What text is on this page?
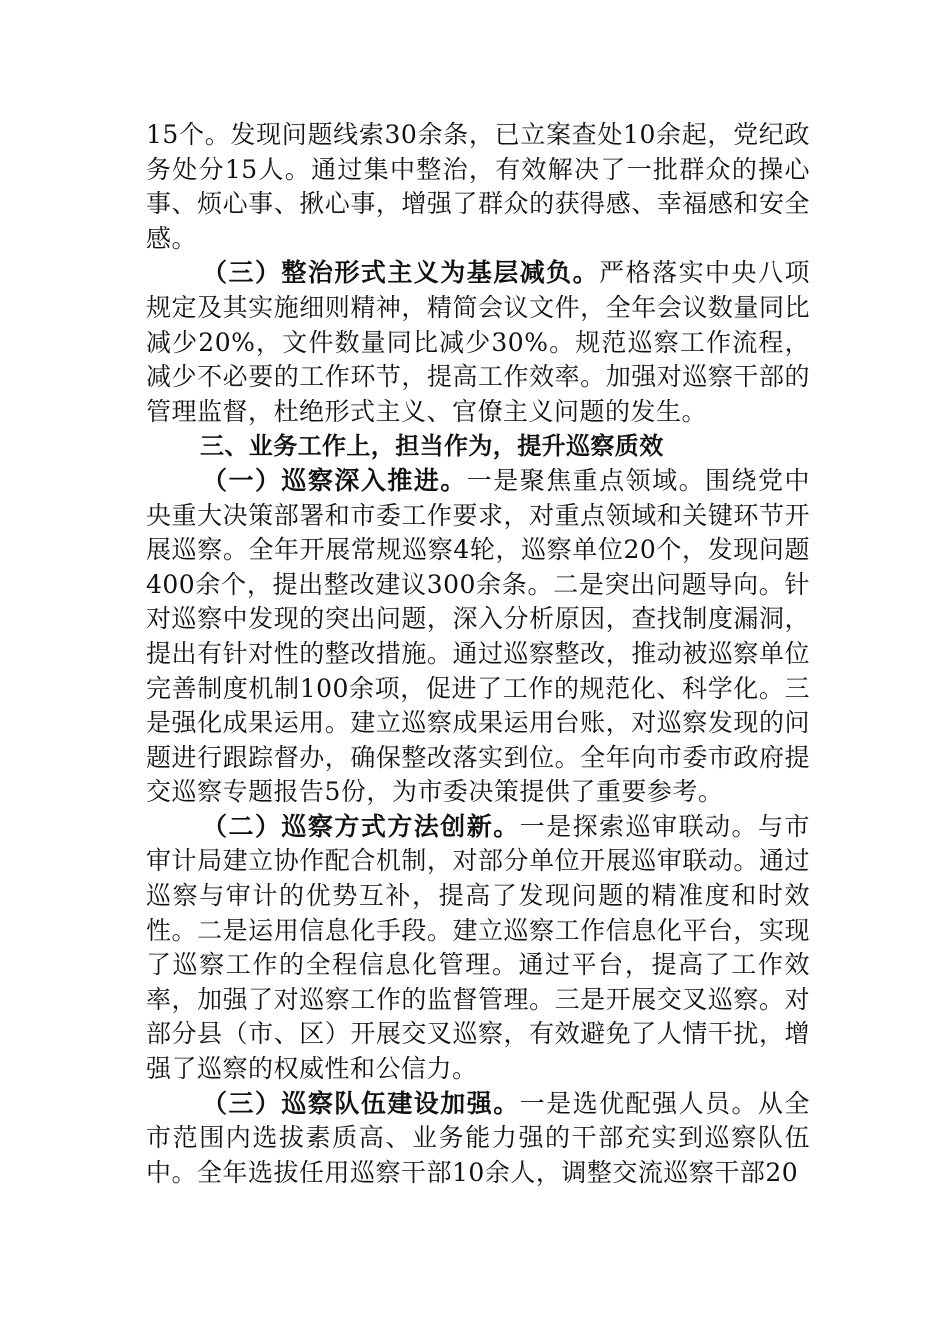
15个。发现问题线索30余条，已立案查处10余起，党纪政务处分15人。通过集中整治，有效解决了一批群众的操心事、烦心事、揪心事，增强了群众的获得感、幸福感和安全感。

（三）整治形式主义为基层减负。严格落实中央八项规定及其实施细则精神，精简会议文件，全年会议数量同比减少20%，文件数量同比减少30%。规范巡察工作流程，减少不必要的工作环节，提高工作效率。加强对巡察干部的管理监督，杜绝形式主义、官僚主义问题的发生。

三、业务工作上，担当作为，提升巡察质效

（一）巡察深入推进。一是聚焦重点领域。围绕党中央重大决策部署和市委工作要求，对重点领域和关键环节开展巡察。全年开展常规巡察4轮，巡察单位20个，发现问题400余个，提出整改建议300余条。二是突出问题导向。针对巡察中发现的突出问题，深入分析原因，查找制度漏洞，提出有针对性的整改措施。通过巡察整改，推动被巡察单位完善制度机制100余项，促进了工作的规范化、科学化。三是强化成果运用。建立巡察成果运用台账，对巡察发现的问题进行跟踪督办，确保整改落实到位。全年向市委市政府提交巡察专题报告5份，为市委决策提供了重要参考。

（二）巡察方式方法创新。一是探索巡审联动。与市审计局建立协作配合机制，对部分单位开展巡审联动。通过巡察与审计的优势互补，提高了发现问题的精准度和时效性。二是运用信息化手段。建立巡察工作信息化平台，实现了巡察工作的全程信息化管理。通过平台，提高了工作效率，加强了对巡察工作的监督管理。三是开展交叉巡察。对部分县（市、区）开展交叉巡察，有效避免了人情干扰，增强了巡察的权威性和公信力。

（三）巡察队伍建设加强。一是选优配强人员。从全市范围内选拔素质高、业务能力强的干部充实到巡察队伍中。全年选拔任用巡察干部10余人，调整交流巡察干部20
